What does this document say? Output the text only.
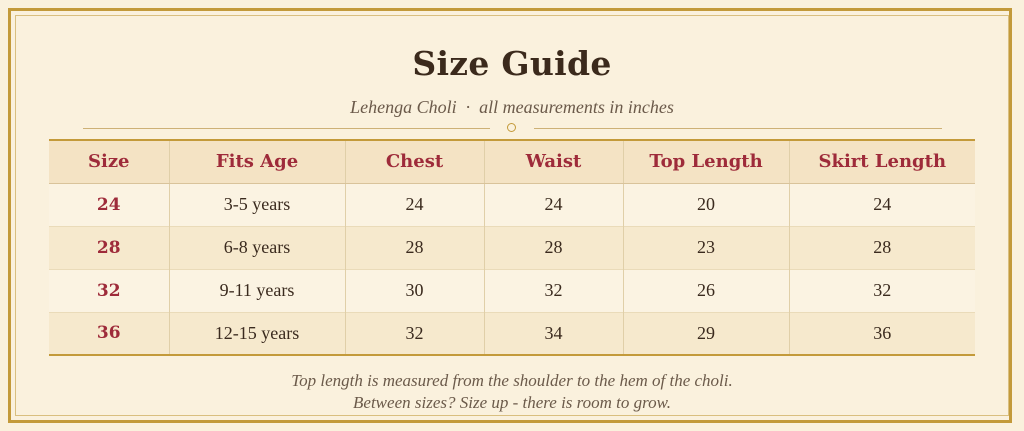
Size Guide
Lehenga Choli  ·  all measurements in inches
Size	Fits Age	Chest	Waist	Top Length	Skirt Length
24	3-5 years	24	24	20	24
28	6-8 years	28	28	23	28
32	9-11 years	30	32	26	32
36	12-15 years	32	34	29	36
Top length is measured from the shoulder to the hem of the choli.
Between sizes? Size up - there is room to grow.
